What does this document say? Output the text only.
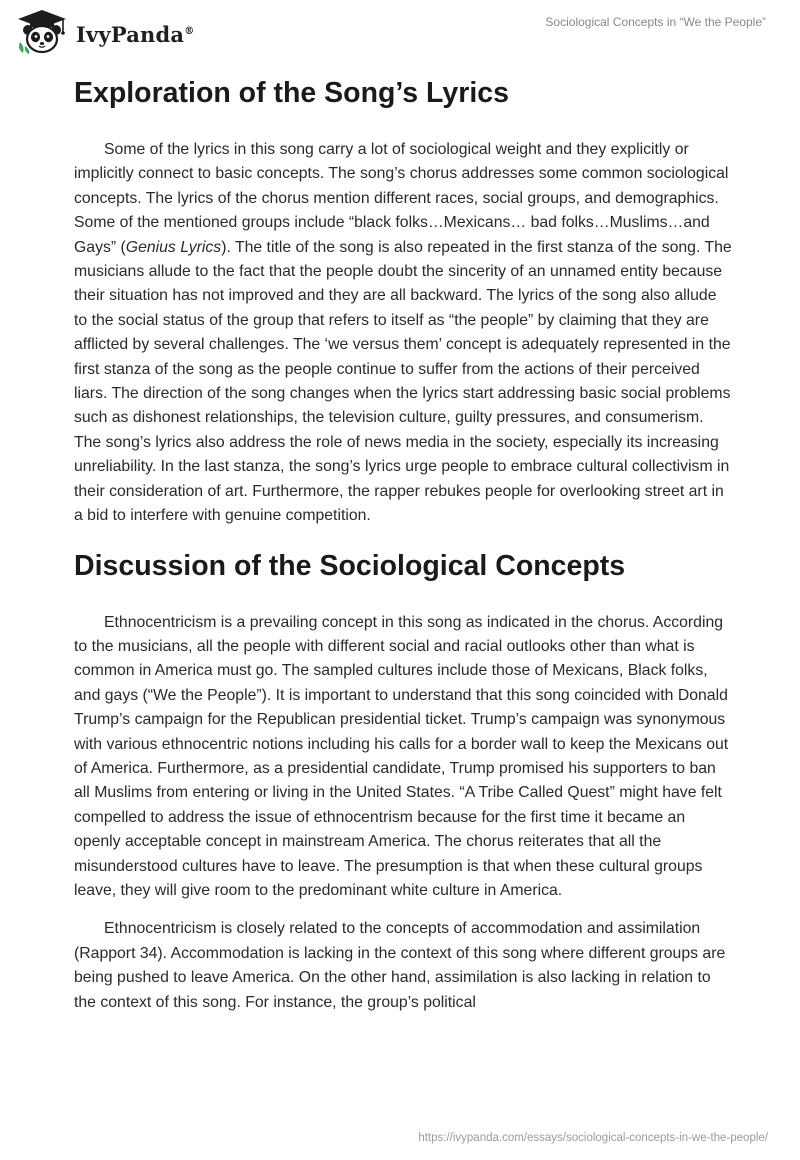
IvyPanda®
Sociological Concepts in “We the People”
Exploration of the Song’s Lyrics

Some of the lyrics in this song carry a lot of sociological weight and they explicitly or implicitly connect to basic concepts. The song’s chorus addresses some common sociological concepts. The lyrics of the chorus mention different races, social groups, and demographics. Some of the mentioned groups include “black folks…Mexicans… bad folks…Muslims…and Gays” (Genius Lyrics). The title of the song is also repeated in the first stanza of the song. The musicians allude to the fact that the people doubt the sincerity of an unnamed entity because their situation has not improved and they are all backward. The lyrics of the song also allude to the social status of the group that refers to itself as “the people” by claiming that they are afflicted by several challenges. The ‘we versus them’ concept is adequately represented in the first stanza of the song as the people continue to suffer from the actions of their perceived liars. The direction of the song changes when the lyrics start addressing basic social problems such as dishonest relationships, the television culture, guilty pressures, and consumerism. The song’s lyrics also address the role of news media in the society, especially its increasing unreliability. In the last stanza, the song’s lyrics urge people to embrace cultural collectivism in their consideration of art. Furthermore, the rapper rebukes people for overlooking street art in a bid to interfere with genuine competition.

Discussion of the Sociological Concepts

Ethnocentricism is a prevailing concept in this song as indicated in the chorus. According to the musicians, all the people with different social and racial outlooks other than what is common in America must go. The sampled cultures include those of Mexicans, Black folks, and gays (“We the People”). It is important to understand that this song coincided with Donald Trump’s campaign for the Republican presidential ticket. Trump’s campaign was synonymous with various ethnocentric notions including his calls for a border wall to keep the Mexicans out of America. Furthermore, as a presidential candidate, Trump promised his supporters to ban all Muslims from entering or living in the United States. “A Tribe Called Quest” might have felt compelled to address the issue of ethnocentrism because for the first time it became an openly acceptable concept in mainstream America. The chorus reiterates that all the misunderstood cultures have to leave. The presumption is that when these cultural groups leave, they will give room to the predominant white culture in America.

Ethnocentricism is closely related to the concepts of accommodation and assimilation (Rapport 34). Accommodation is lacking in the context of this song where different groups are being pushed to leave America. On the other hand, assimilation is also lacking in relation to the context of this song. For instance, the group’s political

https://ivypanda.com/essays/sociological-concepts-in-we-the-people/
